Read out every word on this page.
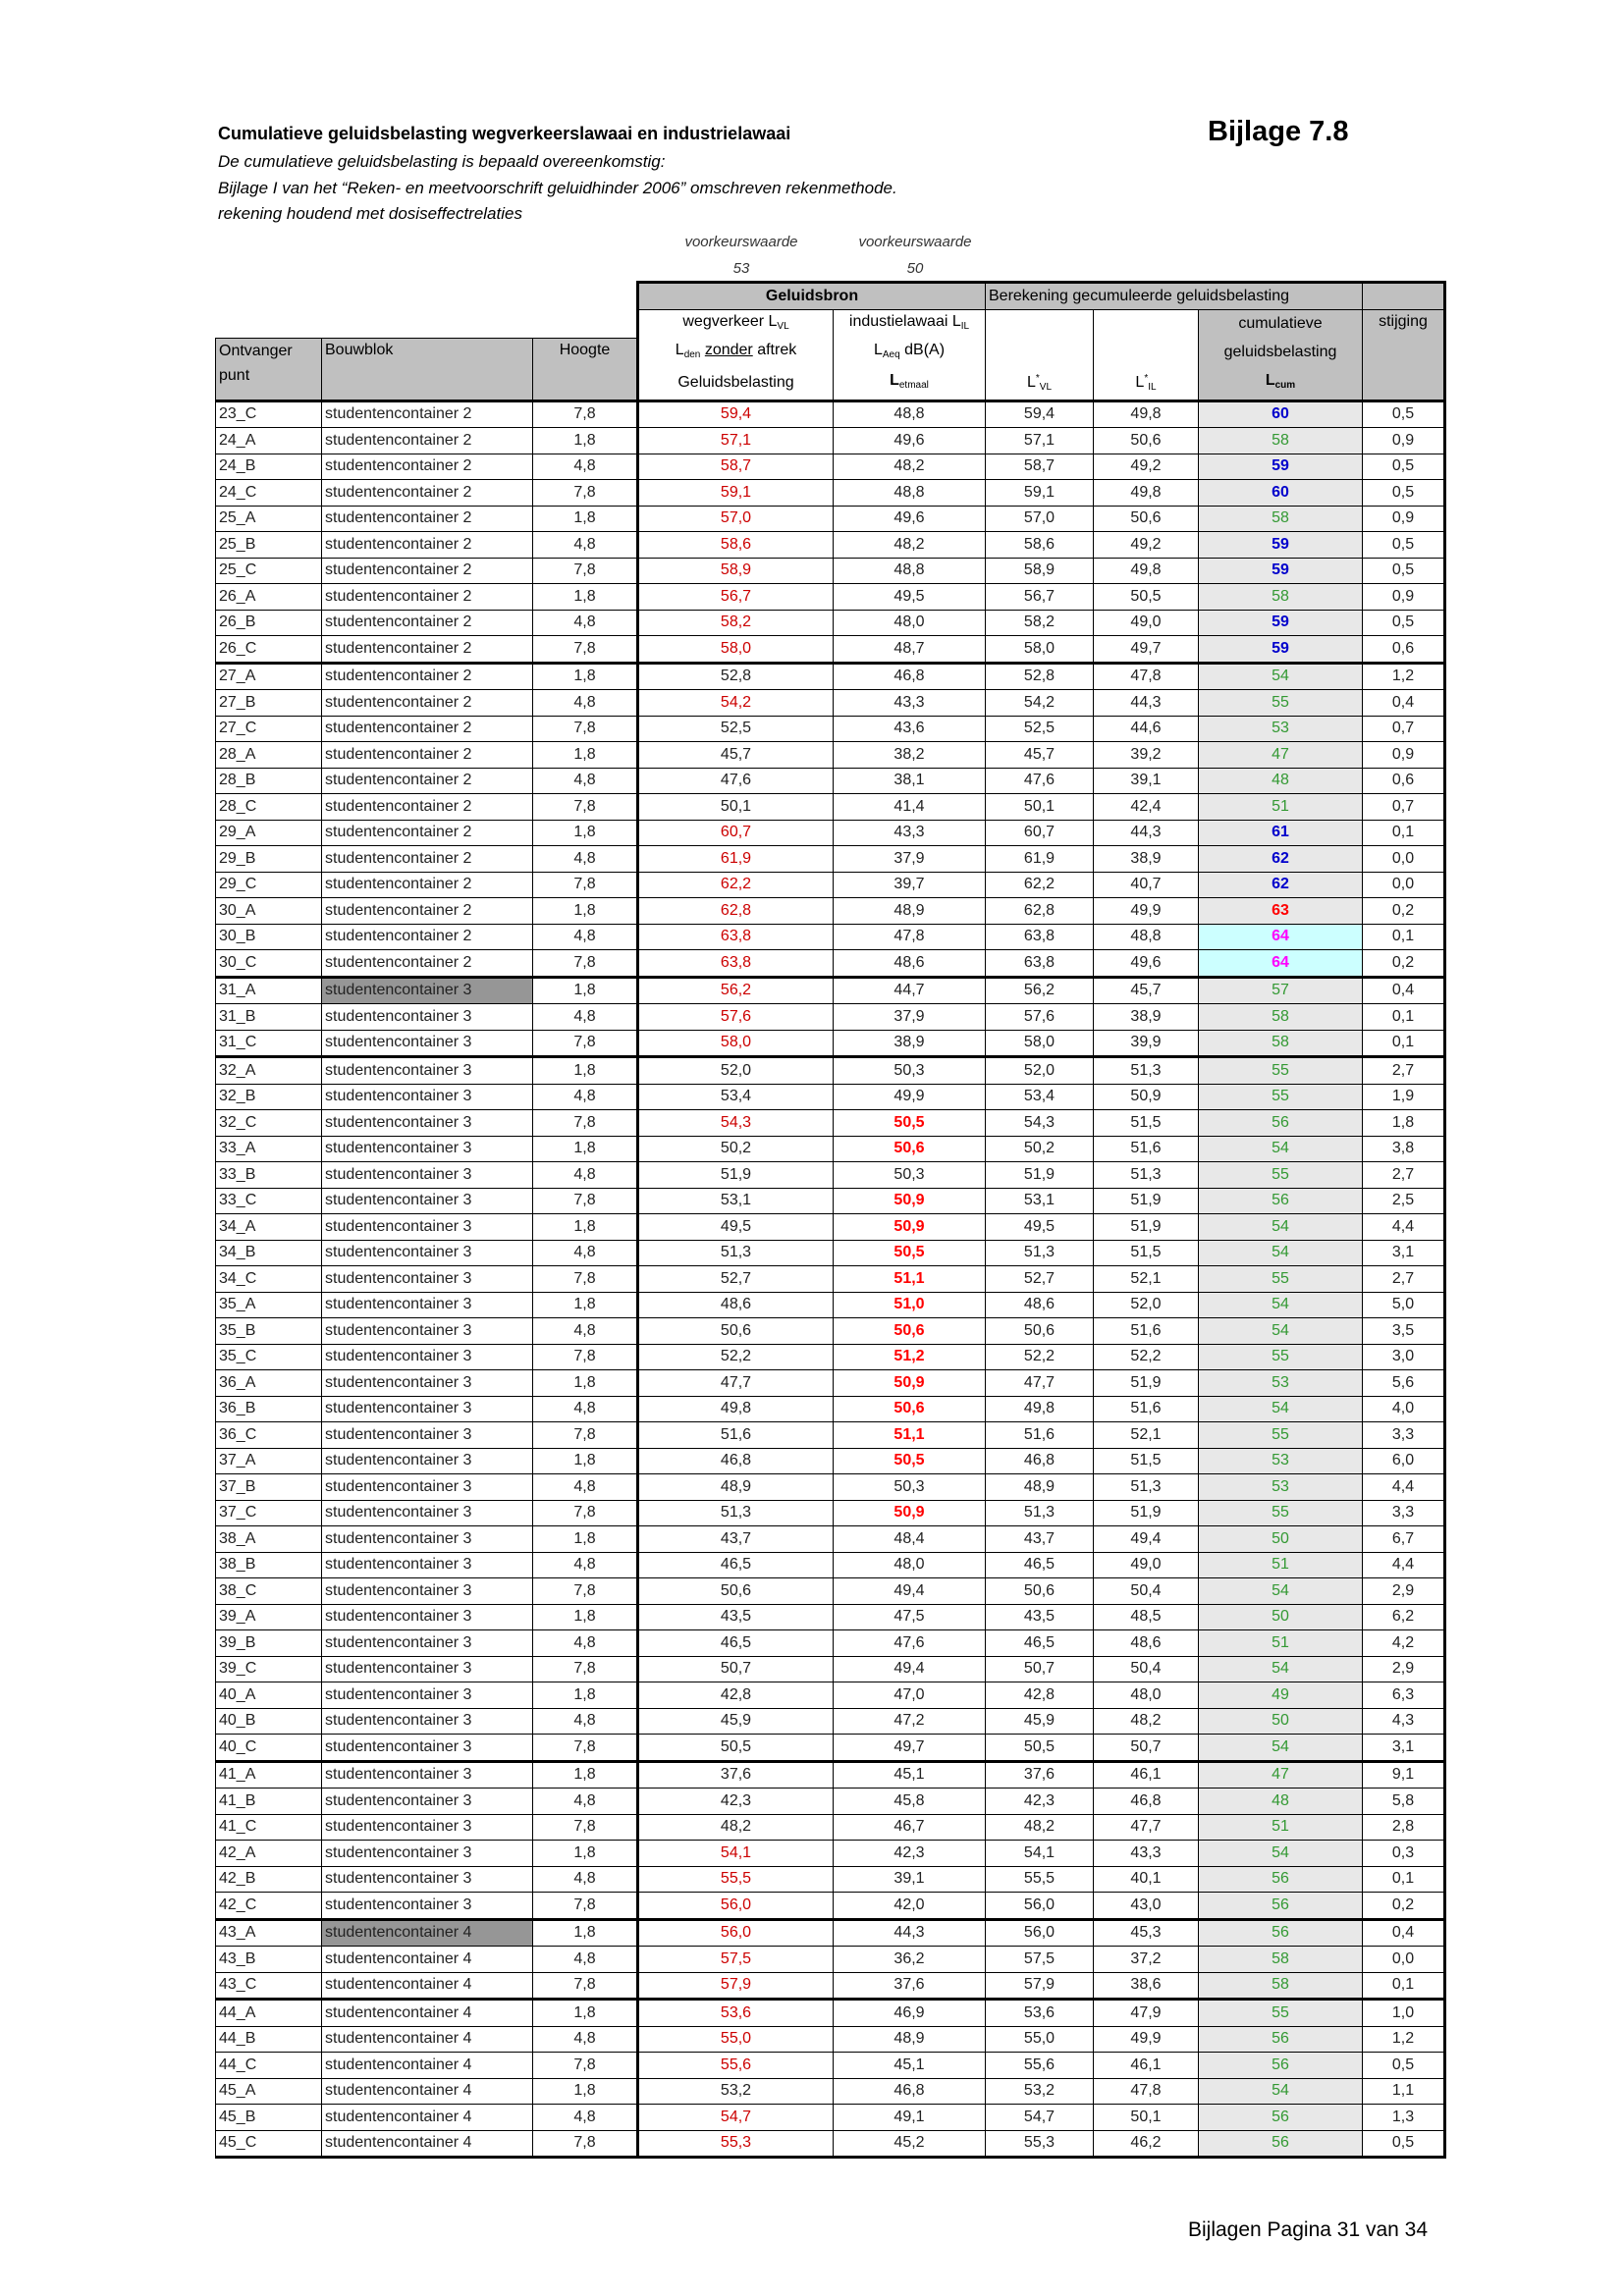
Cumulatieve geluidsbelasting wegverkeerslawaai en industrielawaai	Bijlage 7.8
De cumulatieve geluidsbelasting is bepaald overeenkomstig:
Bijlage I van het “Reken- en meetvoorschrift geluidhinder 2006” omschreven rekenmethode.
rekening houdend met dosiseffectrelaties
voorkeurswaarde
53
voorkeurswaarde
50
			Geluidsbron		Berekening gecumuleerde geluidsbelasting			
			wegverkeer $L_{VL}$	industielawaai $L_{IL}$			cumulatieve	stijging
Ontvanger
punt	Bouwblok	Hoogte	$L_{den}$ zonder aftrek	$L_{Aeq}$ dB(A)			geluidsbelasting	
			Geluidsbelasting	$L_{etmaal}$	$L^*_{VL}$	$L^*_{IL}$	$L_{cum}$
23_C	studentencontainer 2	7,8	59,4	48,8	59,4	49,8	60	0,5
24_A	studentencontainer 2	1,8	57,1	49,6	57,1	50,6	58	0,9
24_B	studentencontainer 2	4,8	58,7	48,2	58,7	49,2	59	0,5
24_C	studentencontainer 2	7,8	59,1	48,8	59,1	49,8	60	0,5
25_A	studentencontainer 2	1,8	57,0	49,6	57,0	50,6	58	0,9
25_B	studentencontainer 2	4,8	58,6	48,2	58,6	49,2	59	0,5
25_C	studentencontainer 2	7,8	58,9	48,8	58,9	49,8	59	0,5
26_A	studentencontainer 2	1,8	56,7	49,5	56,7	50,5	58	0,9
26_B	studentencontainer 2	4,8	58,2	48,0	58,2	49,0	59	0,5
26_C	studentencontainer 2	7,8	58,0	48,7	58,0	49,7	59	0,6
27_A	studentencontainer 2	1,8	52,8	46,8	52,8	47,8	54	1,2
27_B	studentencontainer 2	4,8	54,2	43,3	54,2	44,3	55	0,4
27_C	studentencontainer 2	7,8	52,5	43,6	52,5	44,6	53	0,7
28_A	studentencontainer 2	1,8	45,7	38,2	45,7	39,2	47	0,9
28_B	studentencontainer 2	4,8	47,6	38,1	47,6	39,1	48	0,6
28_C	studentencontainer 2	7,8	50,1	41,4	50,1	42,4	51	0,7
29_A	studentencontainer 2	1,8	60,7	43,3	60,7	44,3	61	0,1
29_B	studentencontainer 2	4,8	61,9	37,9	61,9	38,9	62	0,0
29_C	studentencontainer 2	7,8	62,2	39,7	62,2	40,7	62	0,0
30_A	studentencontainer 2	1,8	62,8	48,9	62,8	49,9	63	0,2
30_B	studentencontainer 2	4,8	63,8	47,8	63,8	48,8	64	0,1
30_C	studentencontainer 2	7,8	63,8	48,6	63,8	49,6	64	0,2
31_A	studentencontainer 3	1,8	56,2	44,7	56,2	45,7	57	0,4
31_B	studentencontainer 3	4,8	57,6	37,9	57,6	38,9	58	0,1
31_C	studentencontainer 3	7,8	58,0	38,9	58,0	39,9	58	0,1
32_A	studentencontainer 3	1,8	52,0	50,3	52,0	51,3	55	2,7
32_B	studentencontainer 3	4,8	53,4	49,9	53,4	50,9	55	1,9
32_C	studentencontainer 3	7,8	54,3	50,5	54,3	51,5	56	1,8
33_A	studentencontainer 3	1,8	50,2	50,6	50,2	51,6	54	3,8
33_B	studentencontainer 3	4,8	51,9	50,3	51,9	51,3	55	2,7
33_C	studentencontainer 3	7,8	53,1	50,9	53,1	51,9	56	2,5
34_A	studentencontainer 3	1,8	49,5	50,9	49,5	51,9	54	4,4
34_B	studentencontainer 3	4,8	51,3	50,5	51,3	51,5	54	3,1
34_C	studentencontainer 3	7,8	52,7	51,1	52,7	52,1	55	2,7
35_A	studentencontainer 3	1,8	48,6	51,0	48,6	52,0	54	5,0
35_B	studentencontainer 3	4,8	50,6	50,6	50,6	51,6	54	3,5
35_C	studentencontainer 3	7,8	52,2	51,2	52,2	52,2	55	3,0
36_A	studentencontainer 3	1,8	47,7	50,9	47,7	51,9	53	5,6
36_B	studentencontainer 3	4,8	49,8	50,6	49,8	51,6	54	4,0
36_C	studentencontainer 3	7,8	51,6	51,1	51,6	52,1	55	3,3
37_A	studentencontainer 3	1,8	46,8	50,5	46,8	51,5	53	6,0
37_B	studentencontainer 3	4,8	48,9	50,3	48,9	51,3	53	4,4
37_C	studentencontainer 3	7,8	51,3	50,9	51,3	51,9	55	3,3
38_A	studentencontainer 3	1,8	43,7	48,4	43,7	49,4	50	6,7
38_B	studentencontainer 3	4,8	46,5	48,0	46,5	49,0	51	4,4
38_C	studentencontainer 3	7,8	50,6	49,4	50,6	50,4	54	2,9
39_A	studentencontainer 3	1,8	43,5	47,5	43,5	48,5	50	6,2
39_B	studentencontainer 3	4,8	46,5	47,6	46,5	48,6	51	4,2
39_C	studentencontainer 3	7,8	50,7	49,4	50,7	50,4	54	2,9
40_A	studentencontainer 3	1,8	42,8	47,0	42,8	48,0	49	6,3
40_B	studentencontainer 3	4,8	45,9	47,2	45,9	48,2	50	4,3
40_C	studentencontainer 3	7,8	50,5	49,7	50,5	50,7	54	3,1
41_A	studentencontainer 3	1,8	37,6	45,1	37,6	46,1	47	9,1
41_B	studentencontainer 3	4,8	42,3	45,8	42,3	46,8	48	5,8
41_C	studentencontainer 3	7,8	48,2	46,7	48,2	47,7	51	2,8
42_A	studentencontainer 3	1,8	54,1	42,3	54,1	43,3	54	0,3
42_B	studentencontainer 3	4,8	55,5	39,1	55,5	40,1	56	0,1
42_C	studentencontainer 3	7,8	56,0	42,0	56,0	43,0	56	0,2
43_A	studentencontainer 4	1,8	56,0	44,3	56,0	45,3	56	0,4
43_B	studentencontainer 4	4,8	57,5	36,2	57,5	37,2	58	0,0
43_C	studentencontainer 4	7,8	57,9	37,6	57,9	38,6	58	0,1
44_A	studentencontainer 4	1,8	53,6	46,9	53,6	47,9	55	1,0
44_B	studentencontainer 4	4,8	55,0	48,9	55,0	49,9	56	1,2
44_C	studentencontainer 4	7,8	55,6	45,1	55,6	46,1	56	0,5
45_A	studentencontainer 4	1,8	53,2	46,8	53,2	47,8	54	1,1
45_B	studentencontainer 4	4,8	54,7	49,1	54,7	50,1	56	1,3
45_C	studentencontainer 4	7,8	55,3	45,2	55,3	46,2	56	0,5
Bijlagen Pagina 31 van 34
